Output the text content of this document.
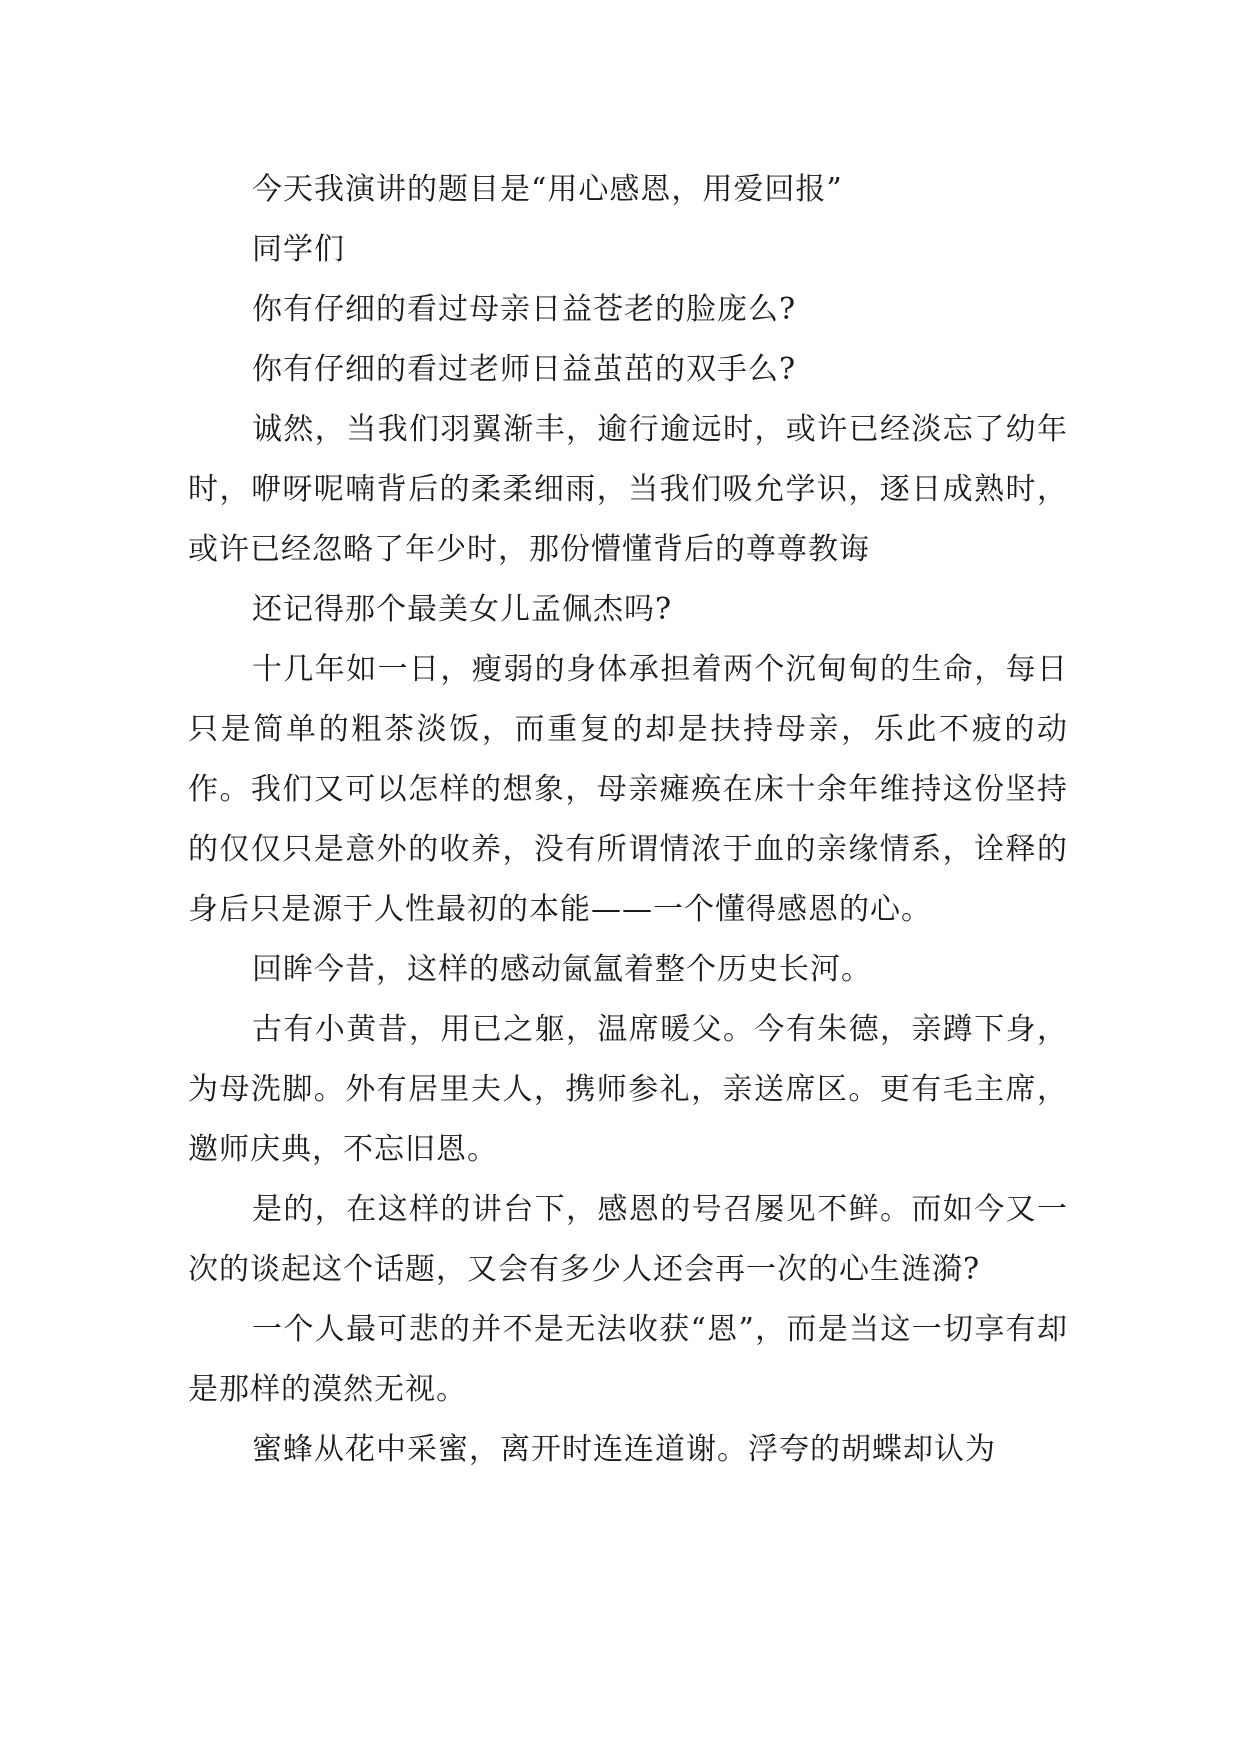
今天我演讲的题目是“用心感恩，用爱回报”

同学们

你有仔细的看过母亲日益苍老的脸庞么?

你有仔细的看过老师日益茧茁的双手么?

诚然，当我们羽翼渐丰，逾行逾远时，或许已经淡忘了幼年时，咿呀呢喃背后的柔柔细雨，当我们吸允学识，逐日成熟时，或许已经忽略了年少时，那份懵懂背后的尊尊教诲

还记得那个最美女儿孟佩杰吗?

十几年如一日，瘦弱的身体承担着两个沉甸甸的生命，每日只是简单的粗茶淡饭，而重复的却是扶持母亲，乐此不疲的动作。我们又可以怎样的想象，母亲瘫痪在床十余年维持这份坚持的仅仅只是意外的收养，没有所谓情浓于血的亲缘情系，诠释的身后只是源于人性最初的本能——一个懂得感恩的心。

回眸今昔，这样的感动氤氲着整个历史长河。

古有小黄昔，用已之躯，温席暖父。今有朱德，亲蹲下身，为母洗脚。外有居里夫人，携师参礼，亲送席区。更有毛主席，邀师庆典，不忘旧恩。

是的，在这样的讲台下，感恩的号召屡见不鲜。而如今又一次的谈起这个话题，又会有多少人还会再一次的心生涟漪?

一个人最可悲的并不是无法收获“恩”，而是当这一切享有却是那样的漠然无视。

蜜蜂从花中采蜜，离开时连连道谢。浮夸的胡蝶却认为
